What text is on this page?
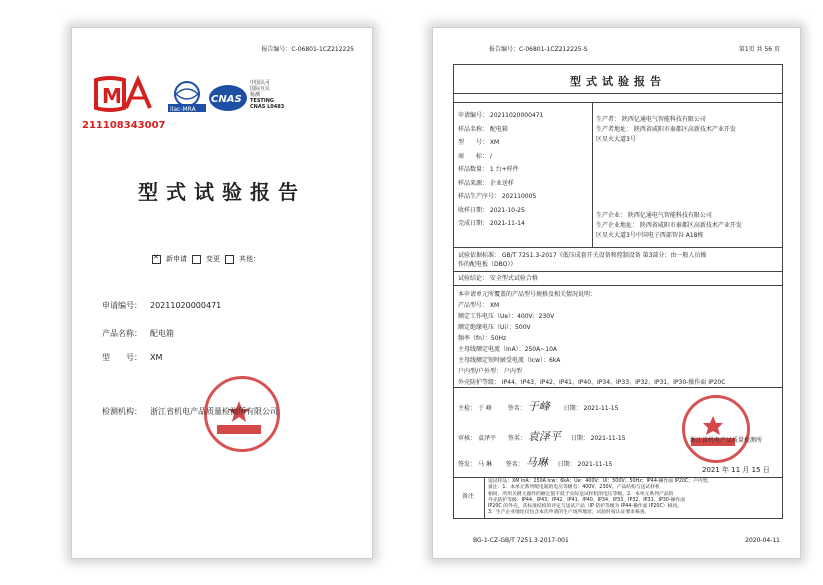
报告编号：C-06801-1CZ212225
M
211108343007
ilac-MRA
CNAS
中国认可
国际互认
检测
TESTING
CNAS L0483
型式试验报告
✕
新申请	变更	其他：
申请编号： 20211020000471
产品名称： 配电箱
型　　号： XM
检测机构： 浙江省机电产品质量检测所有限公司
报告编号：C-06801-1CZ212225-S	第1页 共 56 页
型式试验报告
申请编号： 20211020000471
样品名称： 配电箱
型　　号： XM
商　　标： /
样品数量： 1 台+样件
样品来源： 企业送样
样品生产序号： 202110005
收样日期： 2021-10-25
完成日期： 2021-11-14
生产者： 陕西亿通电气智能科技有限公司
生产者地址： 陕西省咸阳市秦都区高新技术产业开发
区星火大道3号
生产企业： 陕西亿通电气智能科技有限公司
生产企业地址： 陕西省咸阳市秦都区高新技术产业开发
区星火大道3号中国电子西部智谷 A18栋
试验依据标准： GB/T 7251.3-2017《低压成套开关设备和控制设备 第3部分：由一般人员操
作的配电板（DBO）》
试验结论： 安全型式试验合格
本申请单元所覆盖的产品型号规格及相关情况说明：
产品型号： XM
额定工作电压（Ue）：400V、230V
额定绝缘电压（Ui）：500V
频率（fn）：50Hz
主母线额定电流（InA）：250A~10A
主母线额定短时耐受电流（Icw）：6kA
户内型/户外型： 户内型
外壳防护等级： IP44、IP43、IP42、IP41、IP40、IP34、IP33、IP32、IP31、IP30-操作面 IP20C
主检： 于 峰	签名： 于峰 日期： 2021-11-15
审核： 袁泽平 签名： 袁泽平 日期： 2021-11-15
签发： 马 琳 签名： 马琳 日期： 2021-11-15
浙江省机电产品质量检测所
2021 年 11 月 15 日
备注
送试样品：XM InA：250A Icw：6kA；Ue：400V；Ui：500V；50Hz；IP44-操作面 IP20C；户内型。
备注：1．本单元系列配电箱的电压等级有：400V、230V。产品结构与送试样机
相同，所用关键元器件的额定值不低于实际送试样机的电压等级。2．本单元系列产品的
外壳防护等级：IP44、IP43、IP42、IP41、IP40、IP34、IP33、IP32、IP31、IP30-操作面
IP20C 的外壳，其标准结构的评定与送试产品（IP 防护等级为 IP44-操作面 IP20C）相同。
3．生产企业地址仅包含本次申请的生产场所地址，试验时按认证要求核查。
BG-1-CZ-GB/T 7251.3-2017-001	2020-04-11
